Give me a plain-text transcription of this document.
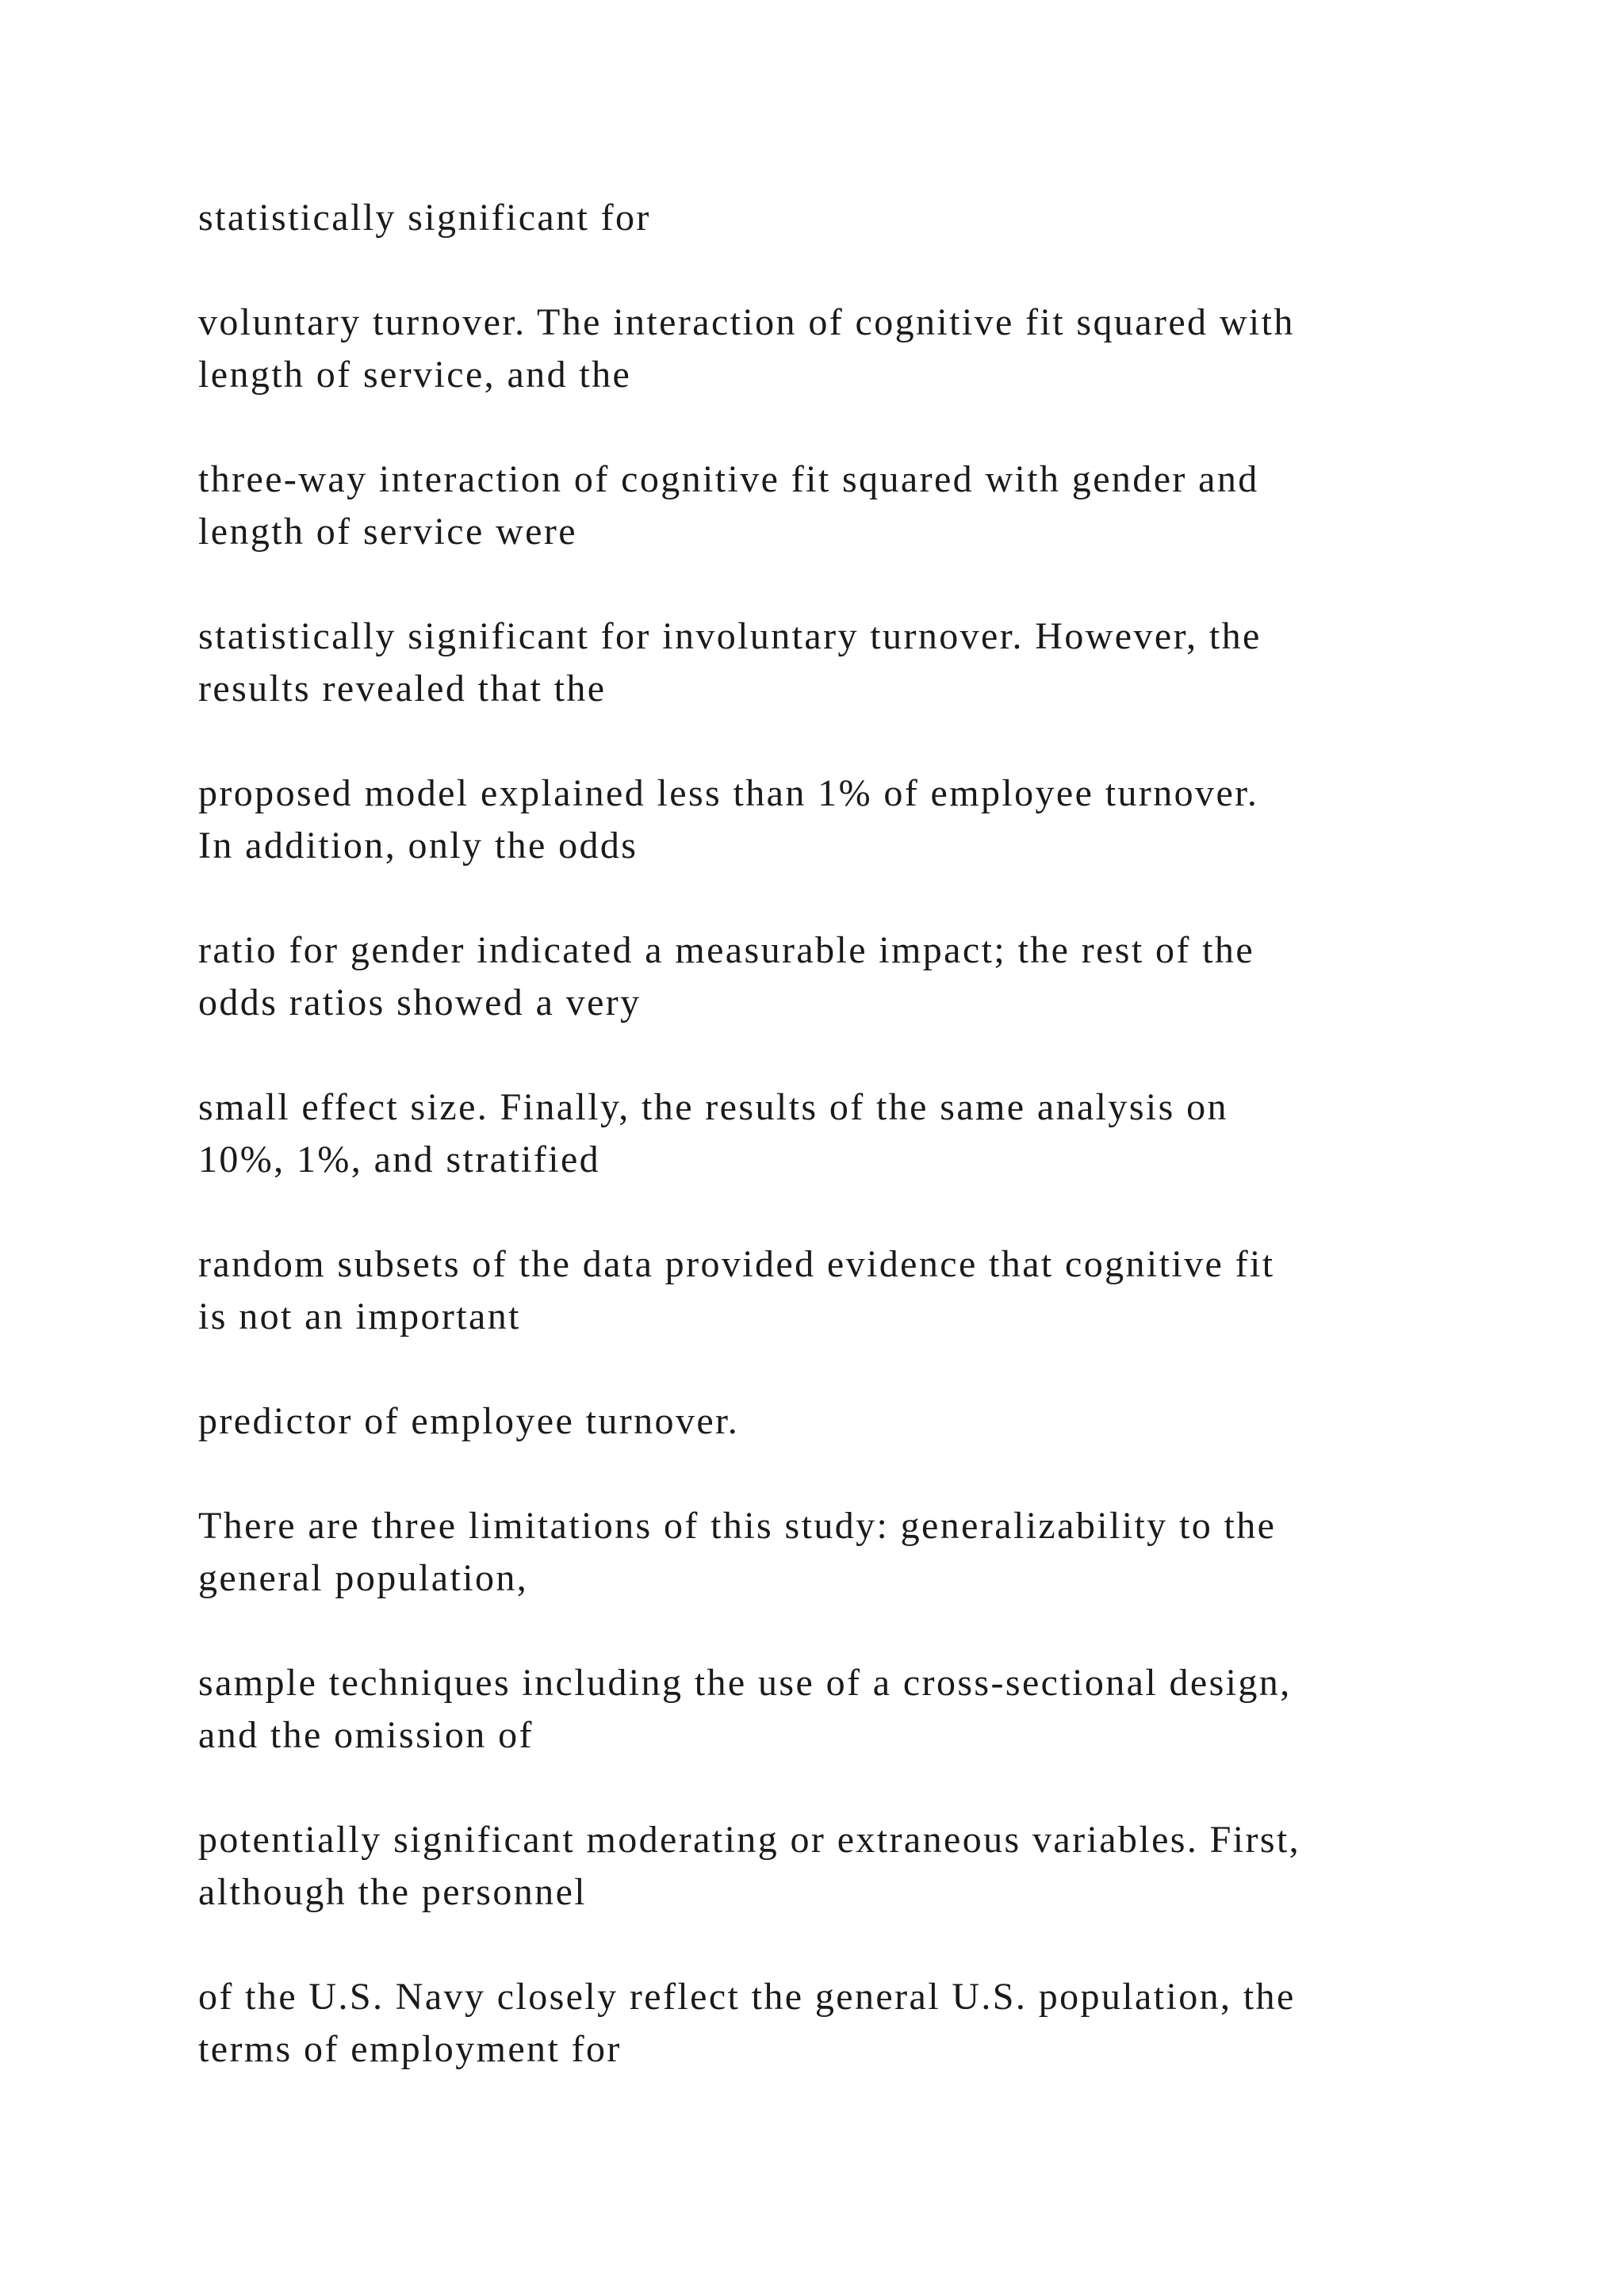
statistically significant for

voluntary turnover. The interaction of cognitive fit squared with
length of service, and the

three-way interaction of cognitive fit squared with gender and
length of service were

statistically significant for involuntary turnover. However, the
results revealed that the

proposed model explained less than 1% of employee turnover.
In addition, only the odds

ratio for gender indicated a measurable impact; the rest of the
odds ratios showed a very

small effect size. Finally, the results of the same analysis on
10%, 1%, and stratified

random subsets of the data provided evidence that cognitive fit
is not an important

predictor of employee turnover.

There are three limitations of this study: generalizability to the
general population,

sample techniques including the use of a cross-sectional design,
and the omission of

potentially significant moderating or extraneous variables. First,
although the personnel

of the U.S. Navy closely reflect the general U.S. population, the
terms of employment for
